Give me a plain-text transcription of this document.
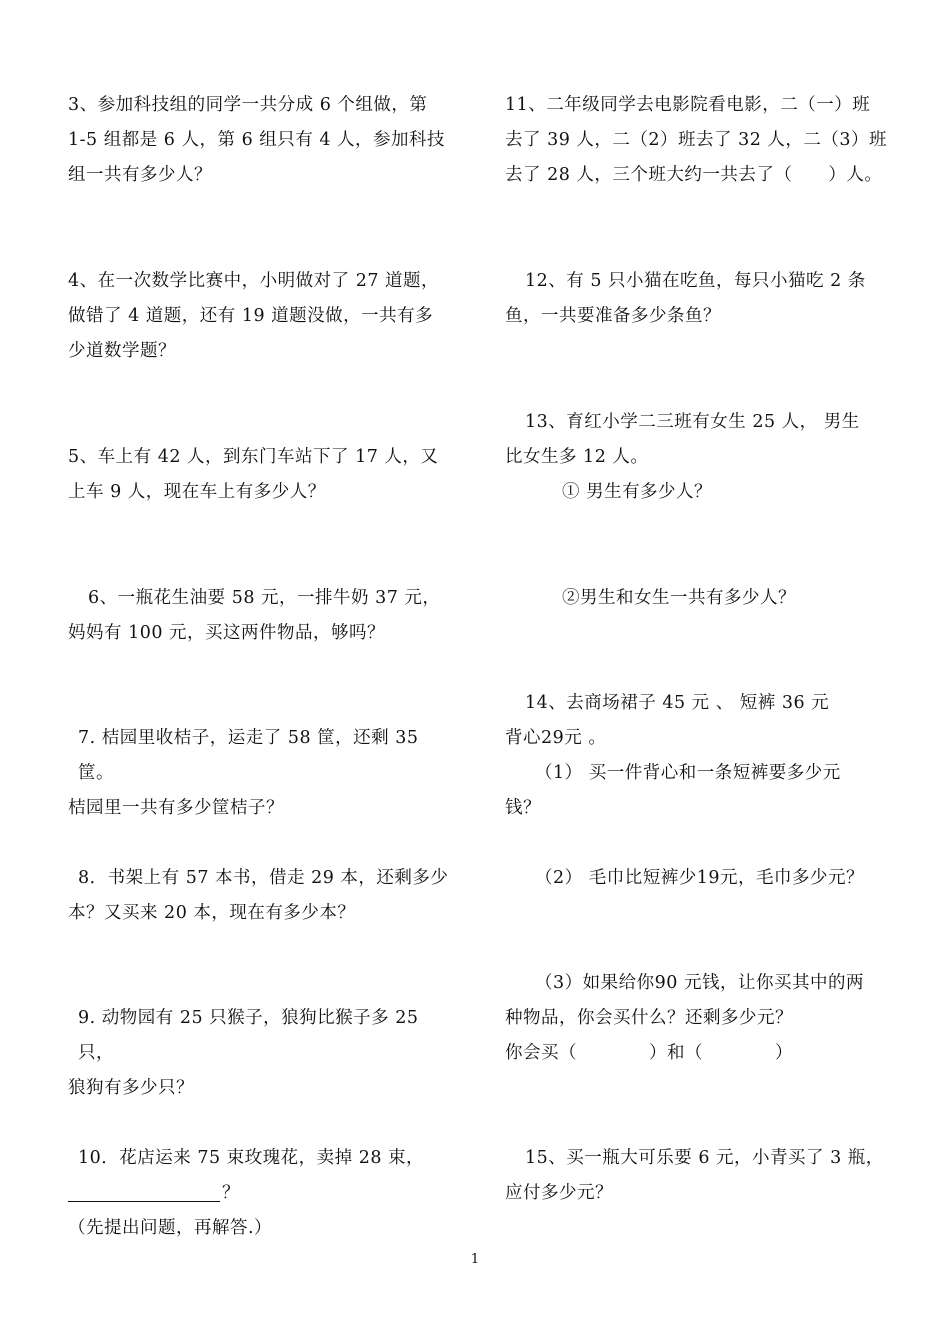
3、参加科技组的同学一共分成 6 个组做，第

1-5 组都是 6 人，第 6 组只有 4 人，参加科技

组一共有多少人？

4、在一次数学比赛中，小明做对了 27 道题，

做错了 4 道题，还有 19 道题没做，一共有多

少道数学题？

5、车上有 42 人，到东门车站下了 17 人，又

上车 9 人，现在车上有多少人？

6、一瓶花生油要 58 元，一排牛奶 37 元，

妈妈有 100 元，买这两件物品，够吗？

7. 桔园里收桔子，运走了 58 筐，还剩 35 筐。

桔园里一共有多少筐桔子？

8．书架上有 57 本书，借走 29 本，还剩多少

本？又买来 20 本，现在有多少本？

9. 动物园有 25 只猴子，狼狗比猴子多 25 只，

狼狗有多少只？

10．花店运来 75 束玫瑰花，卖掉 28 束，

？

（先提出问题，再解答.）

11、二年级同学去电影院看电影，二（一）班

去了 39 人，二（2）班去了 32 人，二（3）班

去了 28 人，三个班大约一共去了（　　）人。

12、有 5 只小猫在吃鱼，每只小猫吃 2 条

鱼，一共要准备多少条鱼？

13、育红小学二三班有女生 25 人， 男生

比女生多 12 人。

① 男生有多少人？

②男生和女生一共有多少人？

14、去商场裙子 45 元 、 短裤 36 元

背心29元 。

（1） 买一件背心和一条短裤要多少元

钱？

（2） 毛巾比短裤少19元，毛巾多少元？

（3）如果给你90 元钱，让你买其中的两

种物品，你会买什么？还剩多少元？

你会买（　　　　）和（　　　　）

15、买一瓶大可乐要 6 元，小青买了 3 瓶，

应付多少元？

1
